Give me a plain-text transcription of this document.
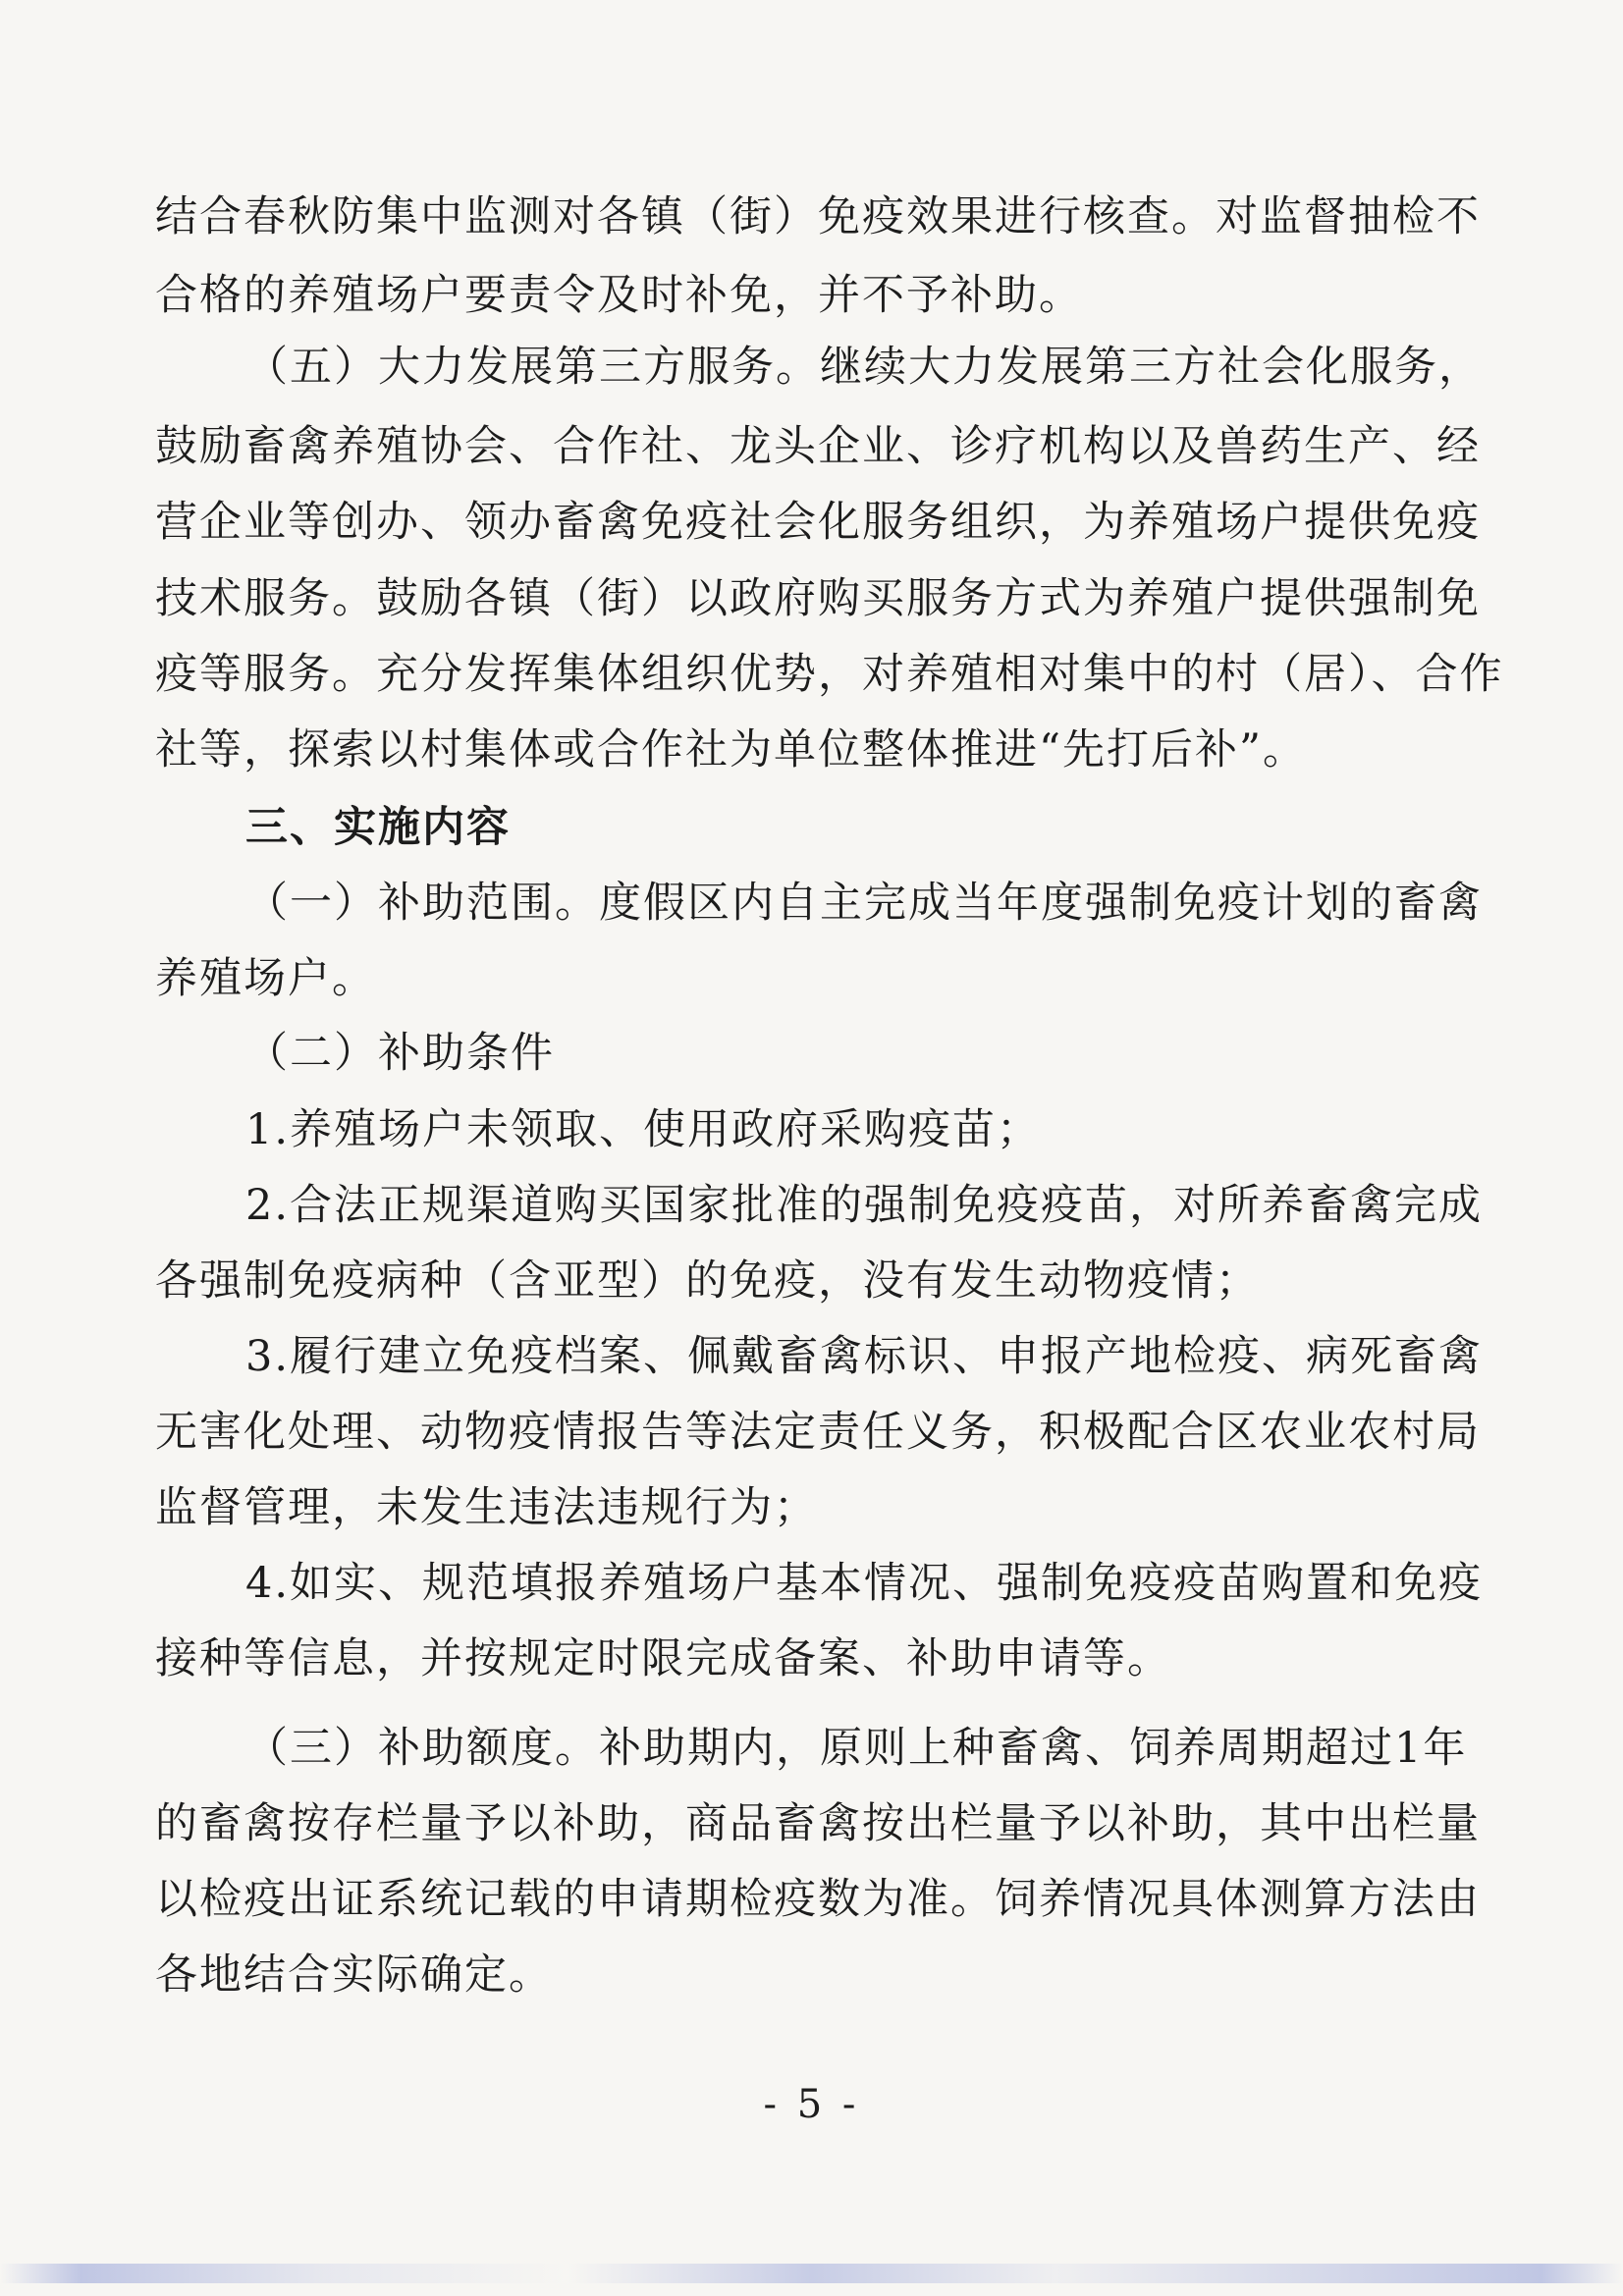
结合春秋防集中监测对各镇（街）免疫效果进行核查。对监督抽检不
合格的养殖场户要责令及时补免，并不予补助。
（五）大力发展第三方服务。继续大力发展第三方社会化服务，
鼓励畜禽养殖协会、合作社、龙头企业、诊疗机构以及兽药生产、经
营企业等创办、领办畜禽免疫社会化服务组织，为养殖场户提供免疫
技术服务。鼓励各镇（街）以政府购买服务方式为养殖户提供强制免
疫等服务。充分发挥集体组织优势，对养殖相对集中的村（居）、合作
社等，探索以村集体或合作社为单位整体推进“先打后补”。
三、实施内容
（一）补助范围。度假区内自主完成当年度强制免疫计划的畜禽
养殖场户。
（二）补助条件
1.养殖场户未领取、使用政府采购疫苗；
2.合法正规渠道购买国家批准的强制免疫疫苗，对所养畜禽完成
各强制免疫病种（含亚型）的免疫，没有发生动物疫情；
3.履行建立免疫档案、佩戴畜禽标识、申报产地检疫、病死畜禽
无害化处理、动物疫情报告等法定责任义务，积极配合区农业农村局
监督管理，未发生违法违规行为；
4.如实、规范填报养殖场户基本情况、强制免疫疫苗购置和免疫
接种等信息，并按规定时限完成备案、补助申请等。
（三）补助额度。补助期内，原则上种畜禽、饲养周期超过1年
的畜禽按存栏量予以补助，商品畜禽按出栏量予以补助，其中出栏量
以检疫出证系统记载的申请期检疫数为准。饲养情况具体测算方法由
各地结合实际确定。
- 5 -
